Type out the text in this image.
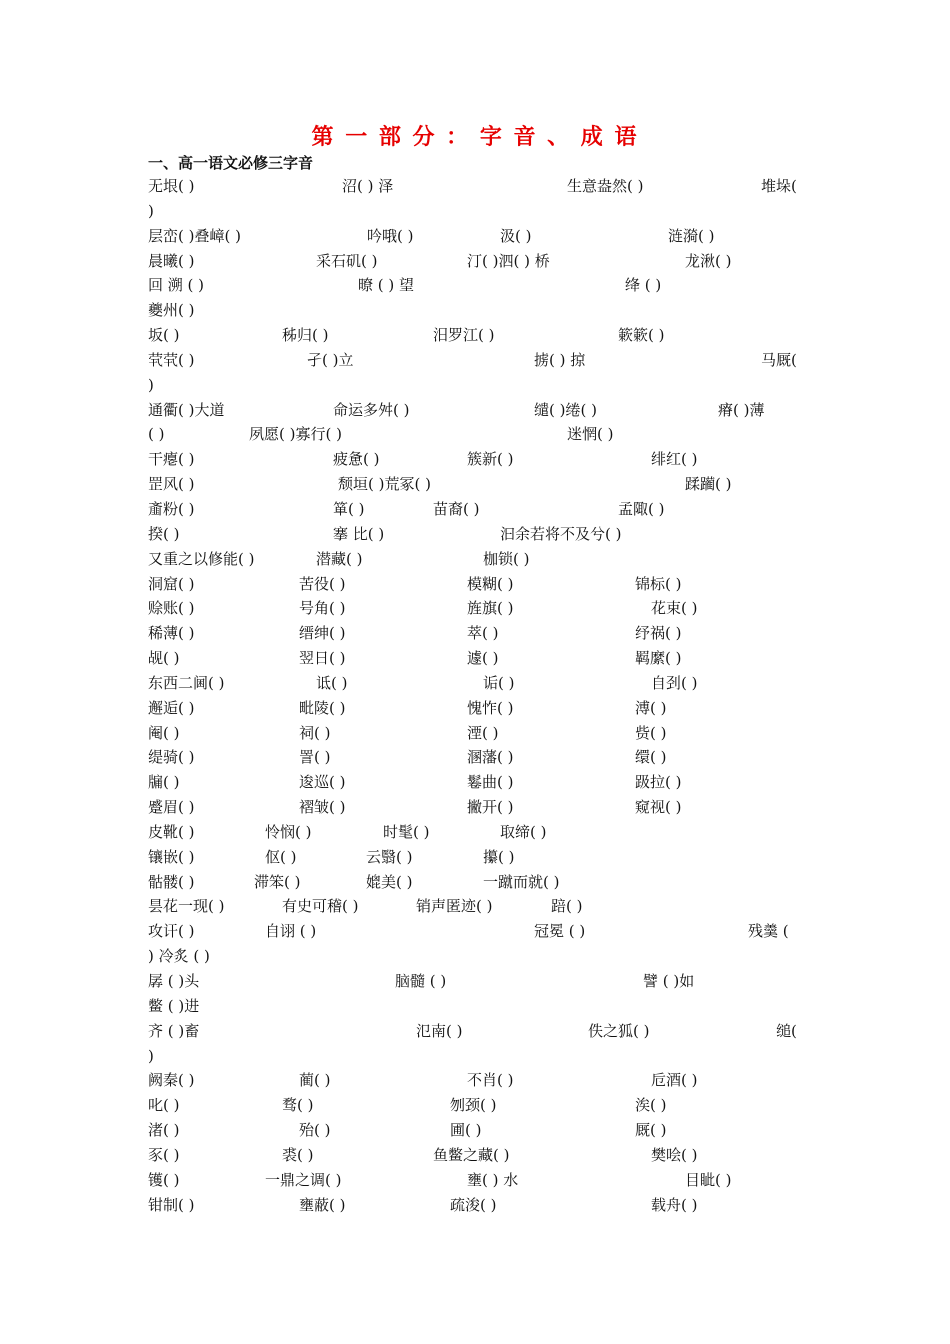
第 一 部 分 ： 字 音 、 成 语
一、高一语文必修三字音
无垠( )	沼( ) 泽	生意盎然( )	堆垛(
)
层峦( )叠嶂( )	吟哦( )	汲( )	涟漪( )
晨曦( )	采石矶( )	汀( )泗( ) 桥	龙湫( )
回 溯 ( )	暸 ( ) 望	绛 ( )
夔州( )
坂( )	秭归( )	汨罗江( )	簌簌( )
茕茕( )	孑( )立	掳( ) 掠	马厩(
)
通衢( )大道	命运多舛( )	缱( )绻( )	瘠( )薄
( )	夙愿( )寡行( )	迷惘( )
干瘪( )	疲惫( )	簇新( )	绯红( )
罡风( )	颓垣( )荒冢( )	蹂躏( )
齑粉( )	箪( )	苗裔( )	孟陬( )
揆( )	搴 比( )	汩余若将不及兮( )
又重之以修能( )	潜藏( )	枷锁( )
洞窟( )	苦役( )	模糊( )	锦标( )
赊账( )	号角( )	旌旗( )	花束( )
稀薄( )	缙绅( )	萃( )	纾祸( )
觇( )	翌日( )	遽( )	羁縻( )
东西二阃( )	诋( )	诟( )	自刭( )
邂逅( )	毗陵( )	愧怍( )	溥( )
阉( )	祠( )	湮( )	赀( )
缇骑( )	詈( )	溷藩( )	缳( )
牖( )	逡巡( )	鬈曲( )	趿拉( )
蹙眉( )	褶皱( )	撇开( )	窥视( )
皮靴( )	怜悯( )	时髦( )	取缔( )
镶嵌( )	伛( )	云翳( )	攥( )
骷髅( )	滞笨( )	媲美( )	一蹴而就( )
昙花一现( )	有史可稽( )	销声匿迹( )	踣( )
攻讦( )	自诩 ( )	冠冕 ( )	残羹 (
) 冷炙 ( )
孱 ( )头	脑髓 ( )	譬 ( )如
鳖 ( )进
齐 ( )畜	氾南( )	佚之狐( )	缒(
)
阙秦( )	蔺( )	不肖( )	卮酒( )
叱( )	骛( )	刎颈( )	涘( )
渚( )	殆( )	圃( )	厩( )
豕( )	裘( )	鱼鳖之藏( )	樊哙( )
镬( )	一鼎之调( )	壅( ) 水	目眦( )
钳制( )	壅蔽( )	疏浚( )	载舟( )
